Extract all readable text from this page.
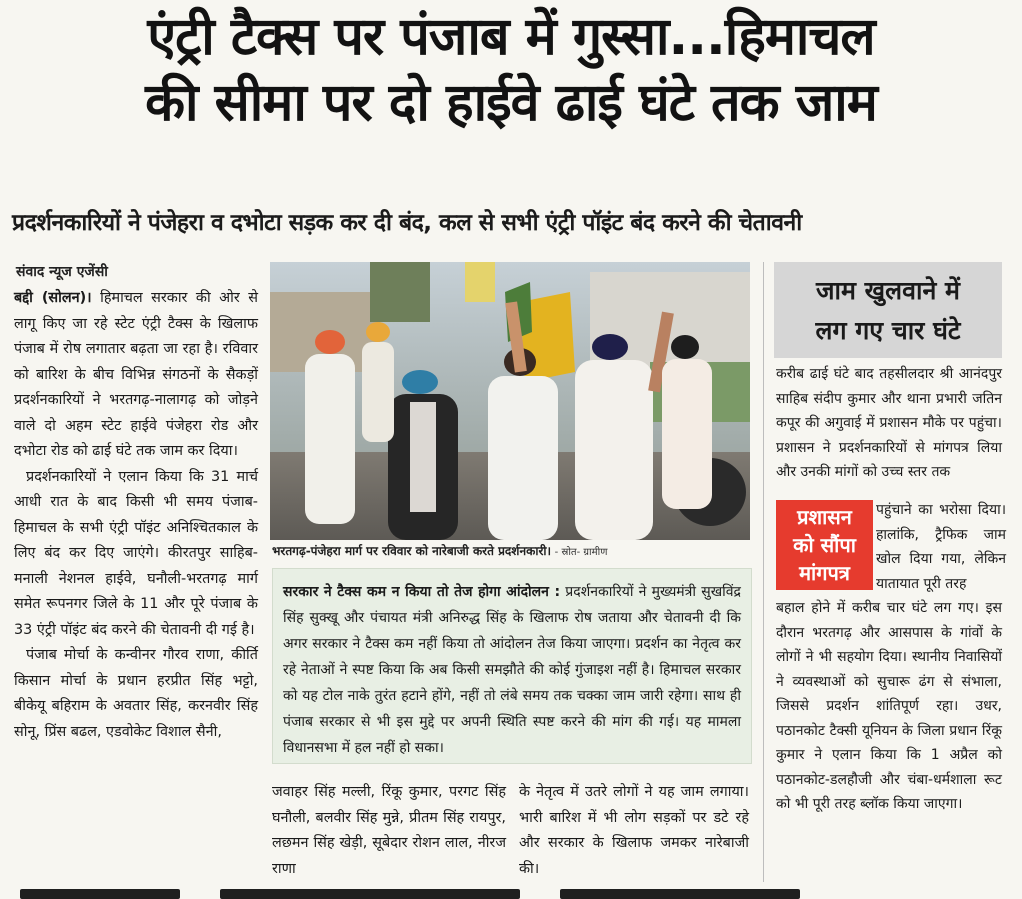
एंट्री टैक्स पर पंजाब में गुस्सा...हिमाचल
की सीमा पर दो हाईवे ढाई घंटे तक जाम
प्रदर्शनकारियों ने पंजेहरा व दभोटा सड़क कर दी बंद, कल से सभी एंट्री पॉइंट बंद करने की चेतावनी
संवाद न्यूज एजेंसी

बद्दी (सोलन)। हिमाचल सरकार की ओर से लागू किए जा रहे स्टेट एंट्री टैक्स के खिलाफ पंजाब में रोष लगातार बढ़ता जा रहा है। रविवार को बारिश के बीच विभिन्न संगठनों के सैकड़ों प्रदर्शनकारियों ने भरतगढ़-नालागढ़ को जोड़ने वाले दो अहम स्टेट हाईवे पंजेहरा रोड और दभोटा रोड को ढाई घंटे तक जाम कर दिया।

प्रदर्शनकारियों ने एलान किया कि 31 मार्च आधी रात के बाद किसी भी समय पंजाब-हिमाचल के सभी एंट्री पॉइंट अनिश्चितकाल के लिए बंद कर दिए जाएंगे। कीरतपुर साहिब-मनाली नेशनल हाईवे, घनौली-भरतगढ़ मार्ग समेत रूपनगर जिले के 11 और पूरे पंजाब के 33 एंट्री पॉइंट बंद करने की चेतावनी दी गई है।

पंजाब मोर्चा के कन्वीनर गौरव राणा, कीर्ति किसान मोर्चा के प्रधान हरप्रीत सिंह भट्टो, बीकेयू बहिराम के अवतार सिंह, करनवीर सिंह सोनू, प्रिंस बढल, एडवोकेट विशाल सैनी,

भरतगढ़-पंजेहरा मार्ग पर रविवार को नारेबाजी करते प्रदर्शनकारी। - स्रोत- ग्रामीण
सरकार ने टैक्स कम न किया तो तेज होगा आंदोलन : प्रदर्शनकारियों ने मुख्यमंत्री सुखविंद्र सिंह सुक्खू और पंचायत मंत्री अनिरुद्ध सिंह के खिलाफ रोष जताया और चेतावनी दी कि अगर सरकार ने टैक्स कम नहीं किया तो आंदोलन तेज किया जाएगा। प्रदर्शन का नेतृत्व कर रहे नेताओं ने स्पष्ट किया कि अब किसी समझौते की कोई गुंजाइश नहीं है। हिमाचल सरकार को यह टोल नाके तुरंत हटाने होंगे, नहीं तो लंबे समय तक चक्का जाम जारी रहेगा। साथ ही पंजाब सरकार से भी इस मुद्दे पर अपनी स्थिति स्पष्ट करने की मांग की गई। यह मामला विधानसभा में हल नहीं हो सका।
जवाहर सिंह मल्ली, रिंकू कुमार, परगट सिंह घनौली, बलवीर सिंह मुन्ने, प्रीतम सिंह रायपुर, लछमन सिंह खेड़ी, सूबेदार रोशन लाल, नीरज राणा
के नेतृत्व में उतरे लोगों ने यह जाम लगाया। भारी बारिश में भी लोग सड़कों पर डटे रहे और सरकार के खिलाफ जमकर नारेबाजी की।
जाम खुलवाने में
लग गए चार घंटे
करीब ढाई घंटे बाद तहसीलदार श्री आनंदपुर साहिब संदीप कुमार और थाना प्रभारी जतिन कपूर की अगुवाई में प्रशासन मौके पर पहुंचा। प्रशासन ने प्रदर्शनकारियों से मांगपत्र लिया और उनकी मांगों को उच्च स्तर तक
प्रशासन
को सौंपा
मांगपत्र
पहुंचाने का भरोसा दिया। हालांकि, ट्रैफिक जाम खोल दिया गया, लेकिन यातायात पूरी तरह
बहाल होने में करीब चार घंटे लग गए। इस दौरान भरतगढ़ और आसपास के गांवों के लोगों ने भी सहयोग दिया। स्थानीय निवासियों ने व्यवस्थाओं को सुचारू ढंग से संभाला, जिससे प्रदर्शन शांतिपूर्ण रहा। उधर, पठानकोट टैक्सी यूनियन के जिला प्रधान रिंकू कुमार ने एलान किया कि 1 अप्रैल को पठानकोट-डलहौजी और चंबा-धर्मशाला रूट को भी पूरी तरह ब्लॉक किया जाएगा।
